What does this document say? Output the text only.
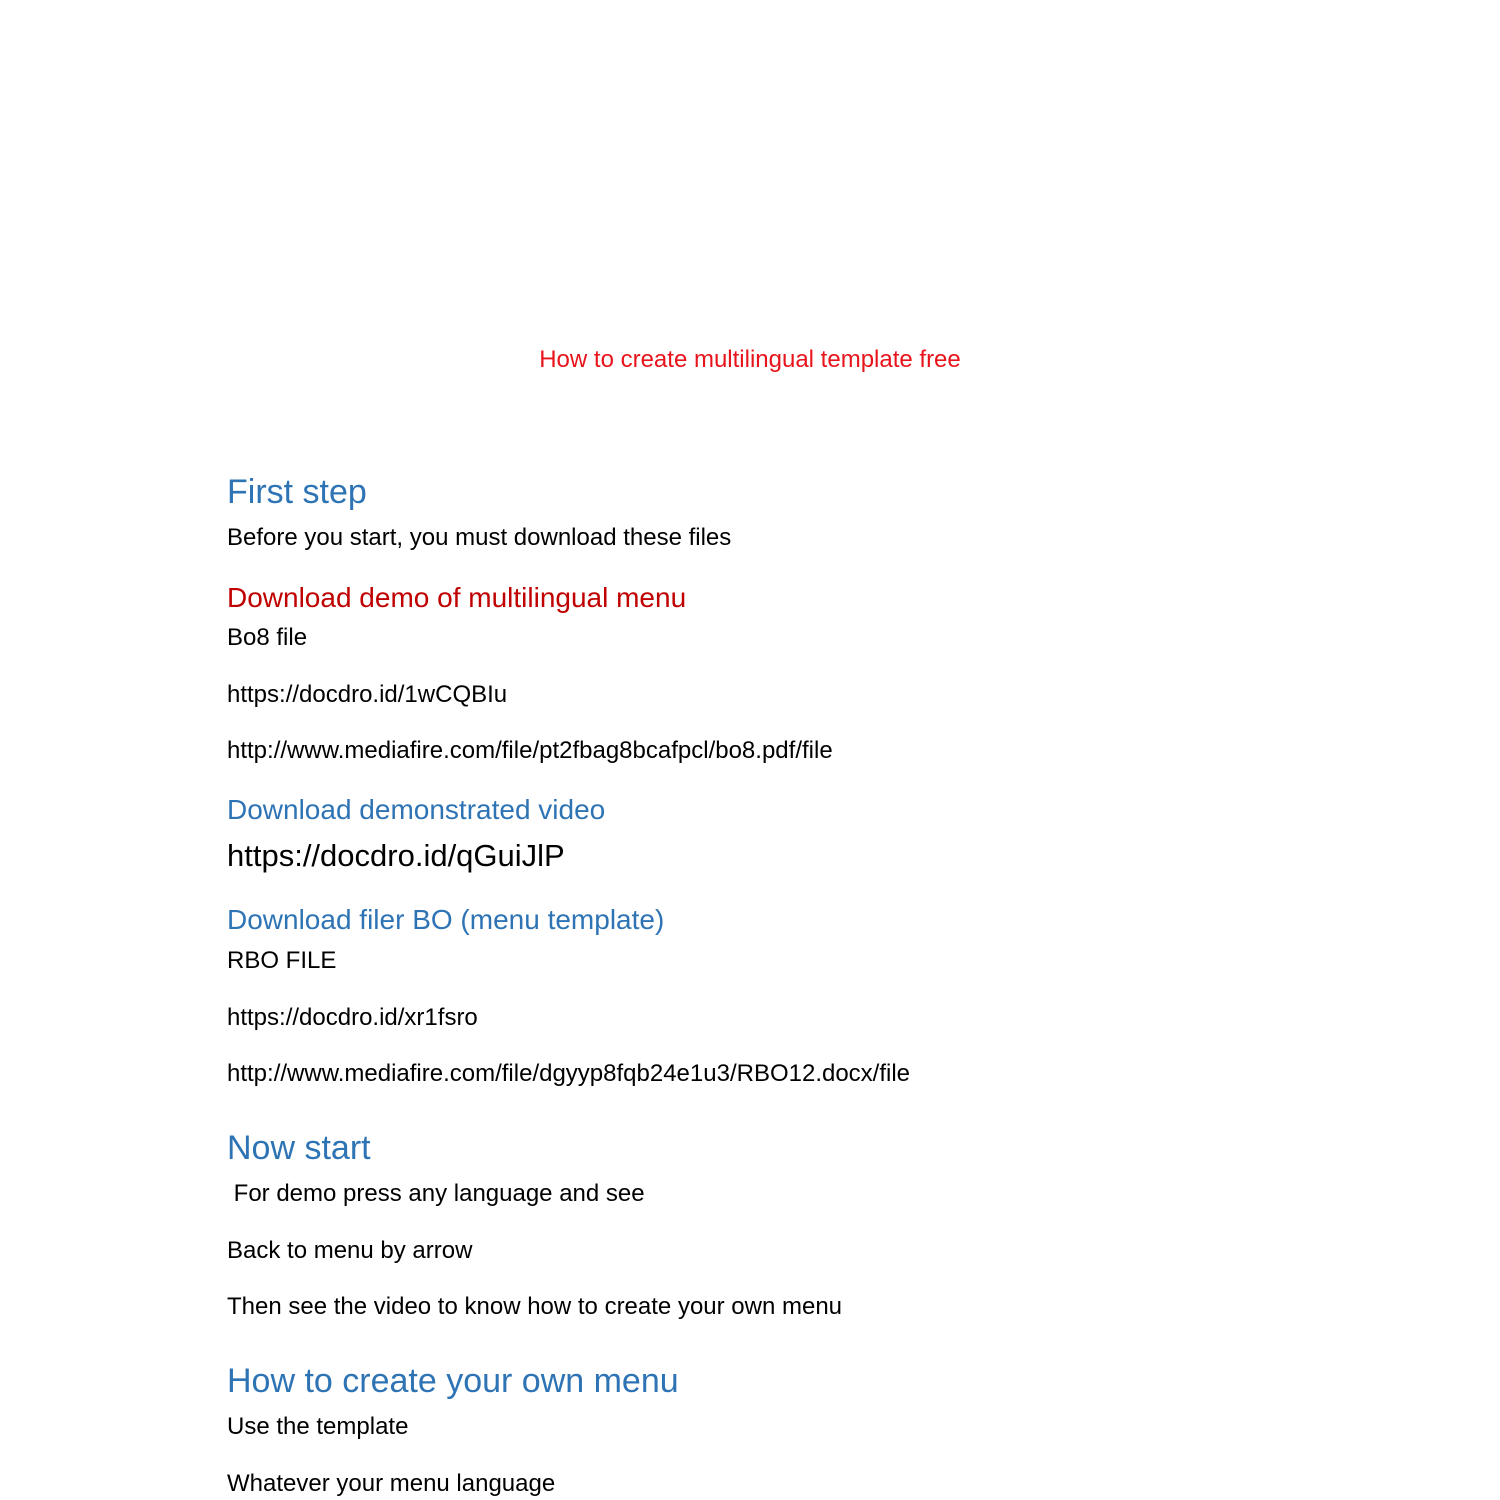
How to create multilingual template free
First step

Before you start, you must download these files

Download demo of multilingual menu

Bo8 file

https://docdro.id/1wCQBIu

http://www.mediafire.com/file/pt2fbag8bcafpcl/bo8.pdf/file

Download demonstrated video

https://docdro.id/qGuiJlP

Download filer BO (menu template)

RBO FILE

https://docdro.id/xr1fsro

http://www.mediafire.com/file/dgyyp8fqb24e1u3/RBO12.docx/file

Now start

For demo press any language and see

Back to menu by arrow

Then see the video to know how to create your own menu

How to create your own menu

Use the template

Whatever your menu language
